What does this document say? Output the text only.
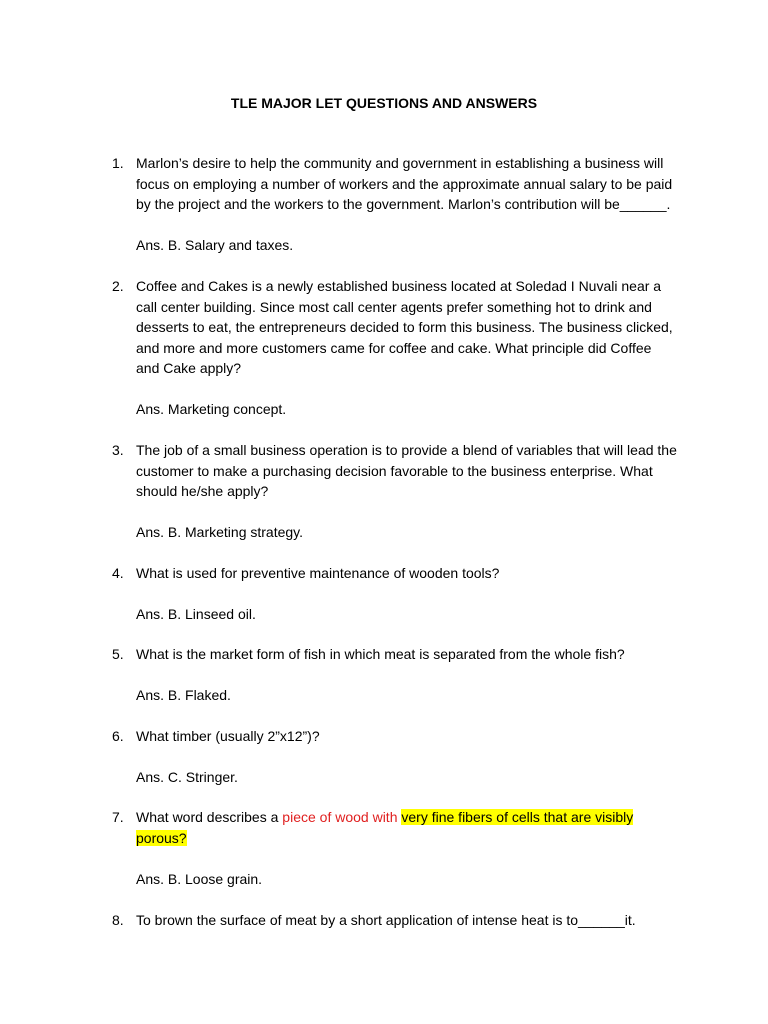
TLE MAJOR LET QUESTIONS AND ANSWERS
1. Marlon’s desire to help the community and government in establishing a business will focus on employing a number of workers and the approximate annual salary to be paid by the project and the workers to the government. Marlon’s contribution will be______.
Ans. B. Salary and taxes.
2. Coffee and Cakes is a newly established business located at Soledad I Nuvali near a call center building. Since most call center agents prefer something hot to drink and desserts to eat, the entrepreneurs decided to form this business. The business clicked, and more and more customers came for coffee and cake. What principle did Coffee and Cake apply?
Ans. Marketing concept.
3. The job of a small business operation is to provide a blend of variables that will lead the customer to make a purchasing decision favorable to the business enterprise. What should he/she apply?
Ans. B. Marketing strategy.
4. What is used for preventive maintenance of wooden tools?
Ans. B. Linseed oil.
5. What is the market form of fish in which meat is separated from the whole fish?
Ans. B. Flaked.
6. What timber (usually 2”x12”)?
Ans. C. Stringer.
7. What word describes a piece of wood with very fine fibers of cells that are visibly porous?
Ans. B. Loose grain.
8. To brown the surface of meat by a short application of intense heat is to______it.
